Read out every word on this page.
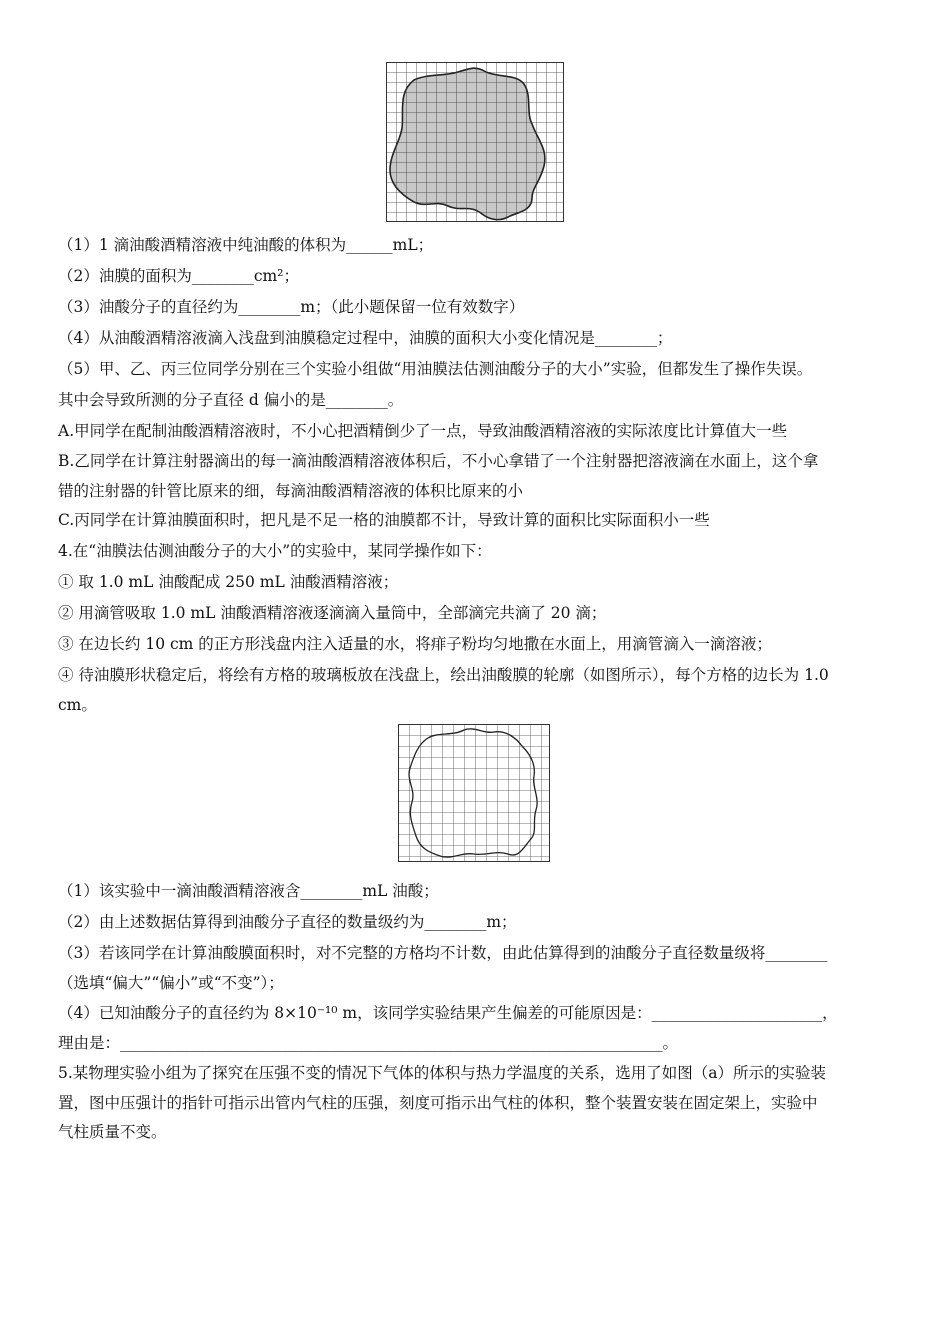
（1）1 滴油酸酒精溶液中纯油酸的体积为______mL；
（2）油膜的面积为________cm²；
（3）油酸分子的直径约为________m；（此小题保留一位有效数字）
（4）从油酸酒精溶液滴入浅盘到油膜稳定过程中，油膜的面积大小变化情况是________；
（5）甲、乙、丙三位同学分别在三个实验小组做“用油膜法估测油酸分子的大小”实验，但都发生了操作失误。
其中会导致所测的分子直径 d 偏小的是________。
A.甲同学在配制油酸酒精溶液时，不小心把酒精倒少了一点，导致油酸酒精溶液的实际浓度比计算值大一些
B.乙同学在计算注射器滴出的每一滴油酸酒精溶液体积后，不小心拿错了一个注射器把溶液滴在水面上，这个拿
错的注射器的针管比原来的细，每滴油酸酒精溶液的体积比原来的小
C.丙同学在计算油膜面积时，把凡是不足一格的油膜都不计，导致计算的面积比实际面积小一些
4.在“油膜法估测油酸分子的大小”的实验中，某同学操作如下：
① 取 1.0 mL 油酸配成 250 mL 油酸酒精溶液；
② 用滴管吸取 1.0 mL 油酸酒精溶液逐滴滴入量筒中，全部滴完共滴了 20 滴；
③ 在边长约 10 cm 的正方形浅盘内注入适量的水，将痱子粉均匀地撒在水面上，用滴管滴入一滴溶液；
④ 待油膜形状稳定后，将绘有方格的玻璃板放在浅盘上，绘出油酸膜的轮廓（如图所示），每个方格的边长为 1.0
cm。
（1）该实验中一滴油酸酒精溶液含________mL 油酸；
（2）由上述数据估算得到油酸分子直径的数量级约为________m；
（3）若该同学在计算油酸膜面积时，对不完整的方格均不计数，由此估算得到的油酸分子直径数量级将________
（选填“偏大”“偏小”或“不变”）；
（4）已知油酸分子的直径约为 8×10⁻¹⁰ m，该同学实验结果产生偏差的可能原因是：______________________，
理由是：______________________________________________________________________。
5.某物理实验小组为了探究在压强不变的情况下气体的体积与热力学温度的关系，选用了如图（a）所示的实验装
置，图中压强计的指针可指示出管内气柱的压强，刻度可指示出气柱的体积，整个装置安装在固定架上，实验中
气柱质量不变。
